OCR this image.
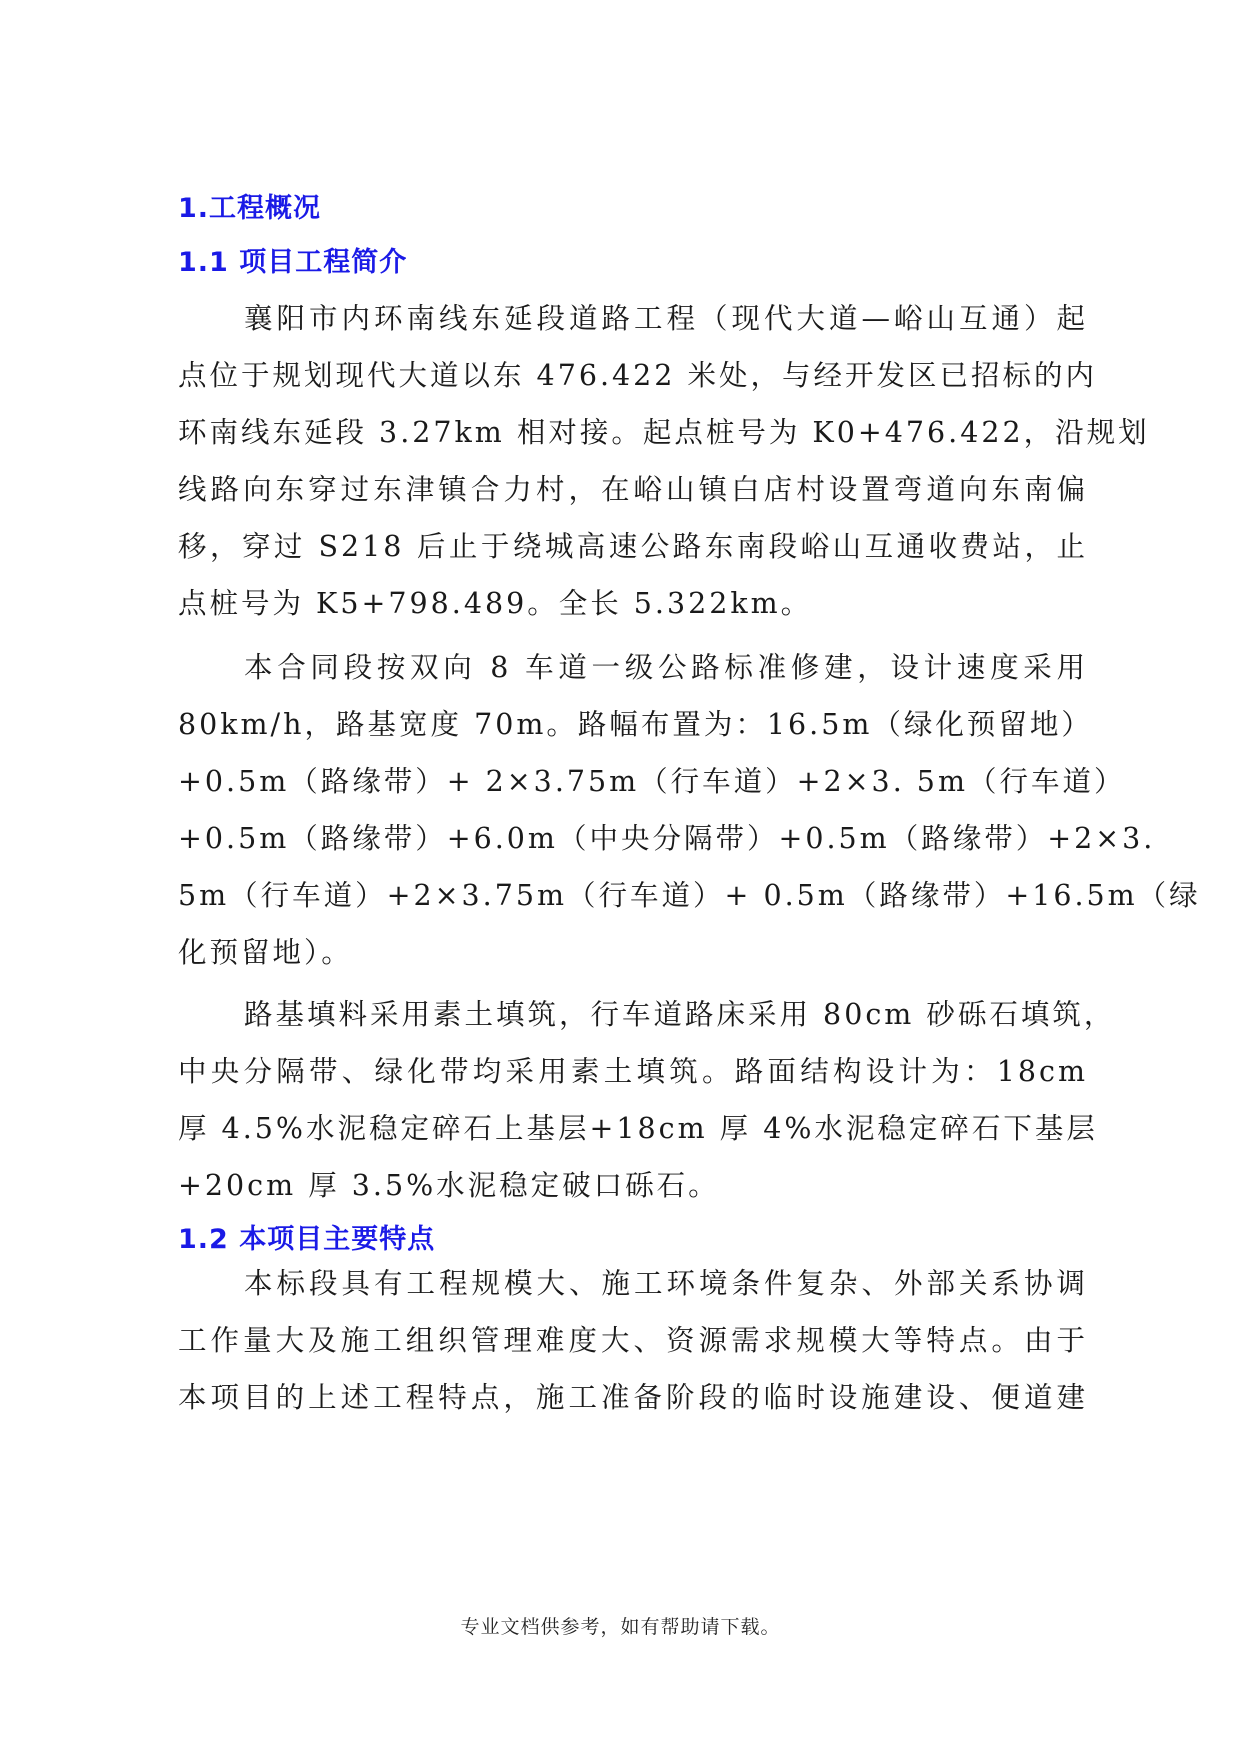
1.工程概况
1.1 项目工程简介

襄阳市内环南线东延段道路工程（现代大道—峪山互通）起

点位于规划现代大道以东 476.422 米处，与经开发区已招标的内

环南线东延段 3.27km 相对接。起点桩号为 K0+476.422，沿规划

线路向东穿过东津镇合力村，在峪山镇白店村设置弯道向东南偏

移，穿过 S218 后止于绕城高速公路东南段峪山互通收费站，止

点桩号为 K5+798.489。全长 5.322km。

本合同段按双向 8 车道一级公路标准修建，设计速度采用

80km/h，路基宽度 70m。路幅布置为：16.5m（绿化预留地）

+0.5m（路缘带）+ 2×3.75m（行车道）+2×3. 5m（行车道）

+0.5m（路缘带）+6.0m（中央分隔带）+0.5m（路缘带）+2×3.

5m（行车道）+2×3.75m（行车道）+ 0.5m（路缘带）+16.5m（绿

化预留地）。

路基填料采用素土填筑，行车道路床采用 80cm 砂砾石填筑，

中央分隔带、绿化带均采用素土填筑。路面结构设计为：18cm

厚 4.5%水泥稳定碎石上基层+18cm 厚 4%水泥稳定碎石下基层

+20cm 厚 3.5%水泥稳定破口砾石。

1.2 本项目主要特点

本标段具有工程规模大、施工环境条件复杂、外部关系协调

工作量大及施工组织管理难度大、资源需求规模大等特点。由于

本项目的上述工程特点，施工准备阶段的临时设施建设、便道建

专业文档供参考，如有帮助请下载。
